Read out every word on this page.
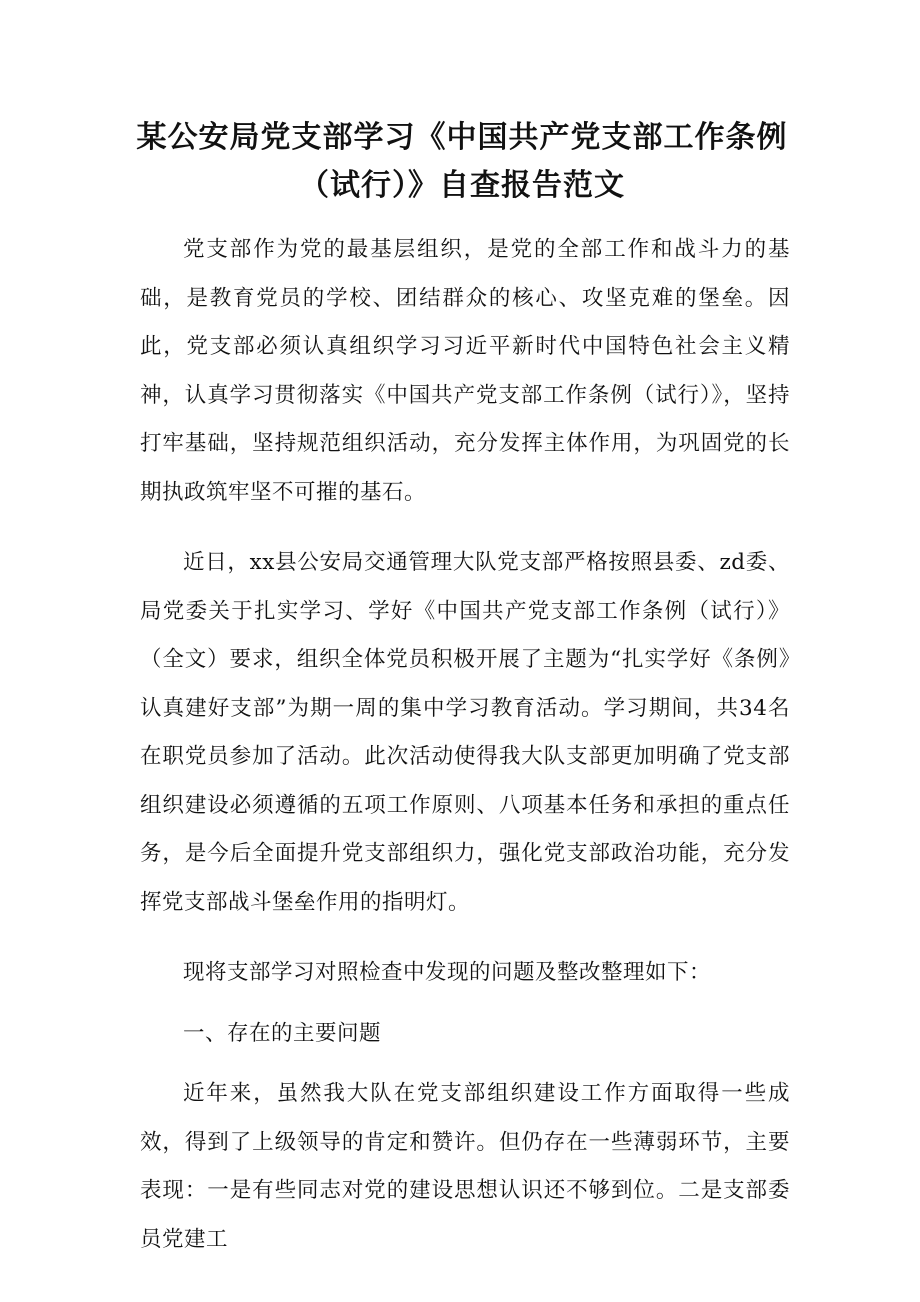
某公安局党支部学习《中国共产党支部工作条例（试行）》自查报告范文

党支部作为党的最基层组织，是党的全部工作和战斗力的基础，是教育党员的学校、团结群众的核心、攻坚克难的堡垒。因此，党支部必须认真组织学习习近平新时代中国特色社会主义精神，认真学习贯彻落实《中国共产党支部工作条例（试行）》，坚持打牢基础，坚持规范组织活动，充分发挥主体作用，为巩固党的长期执政筑牢坚不可摧的基石。

近日，xx县公安局交通管理大队党支部严格按照县委、zd委、局党委关于扎实学习、学好《中国共产党支部工作条例（试行）》（全文）要求，组织全体党员积极开展了主题为“扎实学好《条例》　认真建好支部”为期一周的集中学习教育活动。学习期间，共34名在职党员参加了活动。此次活动使得我大队支部更加明确了党支部组织建设必须遵循的五项工作原则、八项基本任务和承担的重点任务，是今后全面提升党支部组织力，强化党支部政治功能，充分发挥党支部战斗堡垒作用的指明灯。

现将支部学习对照检查中发现的问题及整改整理如下：

一、存在的主要问题

近年来，虽然我大队在党支部组织建设工作方面取得一些成效，得到了上级领导的肯定和赞许。但仍存在一些薄弱环节，主要表现：一是有些同志对党的建设思想认识还不够到位。二是支部委员党建工
